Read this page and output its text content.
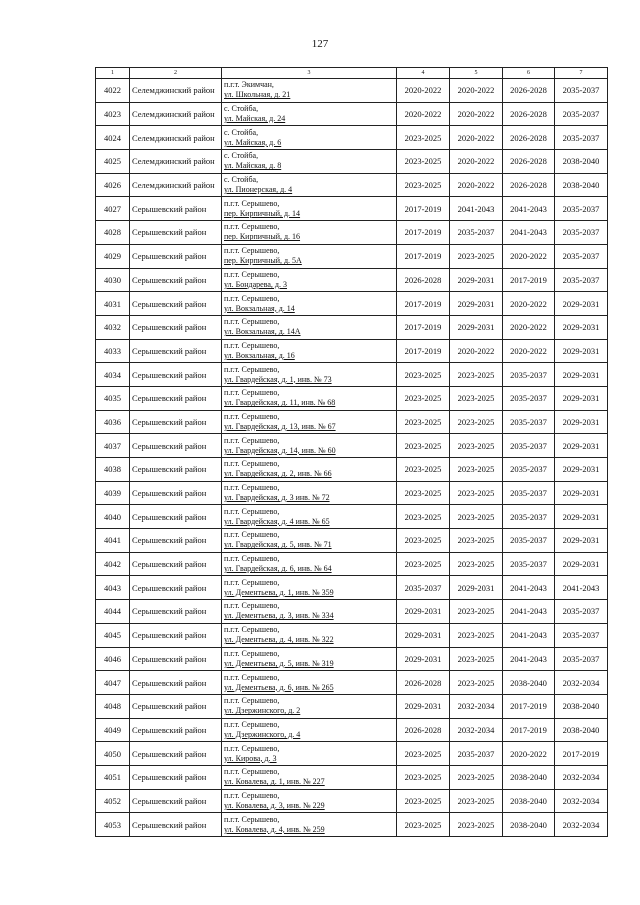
127
1	2	3	4	5	6	7
4022	Селемджинский район	п.г.т. Экимчан,
ул. Школьная, д. 21	2020-2022	2020-2022	2026-2028	2035-2037
4023	Селемджинский район	с. Стойба,
ул. Майская, д. 24	2020-2022	2020-2022	2026-2028	2035-2037
4024	Селемджинский район	с. Стойба,
ул. Майская, д. 6	2023-2025	2020-2022	2026-2028	2035-2037
4025	Селемджинский район	с. Стойба,
ул. Майская, д. 8	2023-2025	2020-2022	2026-2028	2038-2040
4026	Селемджинский район	с. Стойба,
ул. Пионерская, д. 4	2023-2025	2020-2022	2026-2028	2038-2040
4027	Серышевский район	п.г.т. Серышево,
пер. Кирпичный, д. 14	2017-2019	2041-2043	2041-2043	2035-2037
4028	Серышевский район	п.г.т. Серышево,
пер. Кирпичный, д. 16	2017-2019	2035-2037	2041-2043	2035-2037
4029	Серышевский район	п.г.т. Серышево,
пер. Кирпичный, д. 5А	2017-2019	2023-2025	2020-2022	2035-2037
4030	Серышевский район	п.г.т. Серышево,
ул. Бондарева, д. 3	2026-2028	2029-2031	2017-2019	2035-2037
4031	Серышевский район	п.г.т. Серышево,
ул. Вокзальная, д. 14	2017-2019	2029-2031	2020-2022	2029-2031
4032	Серышевский район	п.г.т. Серышево,
ул. Вокзальная, д. 14А	2017-2019	2029-2031	2020-2022	2029-2031
4033	Серышевский район	п.г.т. Серышево,
ул. Вокзальная, д. 16	2017-2019	2020-2022	2020-2022	2029-2031
4034	Серышевский район	п.г.т. Серышево,
ул. Гвардейская, д. 1, инв. № 73	2023-2025	2023-2025	2035-2037	2029-2031
4035	Серышевский район	п.г.т. Серышево,
ул. Гвардейская, д. 11, инв. № 68	2023-2025	2023-2025	2035-2037	2029-2031
4036	Серышевский район	п.г.т. Серышево,
ул. Гвардейская, д. 13, инв. № 67	2023-2025	2023-2025	2035-2037	2029-2031
4037	Серышевский район	п.г.т. Серышево,
ул. Гвардейская, д. 14, инв. № 60	2023-2025	2023-2025	2035-2037	2029-2031
4038	Серышевский район	п.г.т. Серышево,
ул. Гвардейская, д. 2, инв. № 66	2023-2025	2023-2025	2035-2037	2029-2031
4039	Серышевский район	п.г.т. Серышево,
ул. Гвардейская, д. 3 инв. № 72	2023-2025	2023-2025	2035-2037	2029-2031
4040	Серышевский район	п.г.т. Серышево,
ул. Гвардейская, д. 4 инв. № 65	2023-2025	2023-2025	2035-2037	2029-2031
4041	Серышевский район	п.г.т. Серышево,
ул. Гвардейская, д. 5, инв. № 71	2023-2025	2023-2025	2035-2037	2029-2031
4042	Серышевский район	п.г.т. Серышево,
ул. Гвардейская, д. 6, инв. № 64	2023-2025	2023-2025	2035-2037	2029-2031
4043	Серышевский район	п.г.т. Серышево,
ул. Дементьева, д. 1, инв. № 359	2035-2037	2029-2031	2041-2043	2041-2043
4044	Серышевский район	п.г.т. Серышево,
ул. Дементьева, д. 3, инв. № 334	2029-2031	2023-2025	2041-2043	2035-2037
4045	Серышевский район	п.г.т. Серышево,
ул. Дементьева, д. 4, инв. № 322	2029-2031	2023-2025	2041-2043	2035-2037
4046	Серышевский район	п.г.т. Серышево,
ул. Дементьева, д. 5, инв. № 319	2029-2031	2023-2025	2041-2043	2035-2037
4047	Серышевский район	п.г.т. Серышево,
ул. Дементьева, д. 6, инв. № 265	2026-2028	2023-2025	2038-2040	2032-2034
4048	Серышевский район	п.г.т. Серышево,
ул. Дзержинского, д. 2	2029-2031	2032-2034	2017-2019	2038-2040
4049	Серышевский район	п.г.т. Серышево,
ул. Дзержинского, д. 4	2026-2028	2032-2034	2017-2019	2038-2040
4050	Серышевский район	п.г.т. Серышево,
ул. Кирова, д. 3	2023-2025	2035-2037	2020-2022	2017-2019
4051	Серышевский район	п.г.т. Серышево,
ул. Ковалева, д. 1, инв. № 227	2023-2025	2023-2025	2038-2040	2032-2034
4052	Серышевский район	п.г.т. Серышево,
ул. Ковалева, д. 3, инв. № 229	2023-2025	2023-2025	2038-2040	2032-2034
4053	Серышевский район	п.г.т. Серышево,
ул. Ковалева, д. 4, инв. № 259	2023-2025	2023-2025	2038-2040	2032-2034
